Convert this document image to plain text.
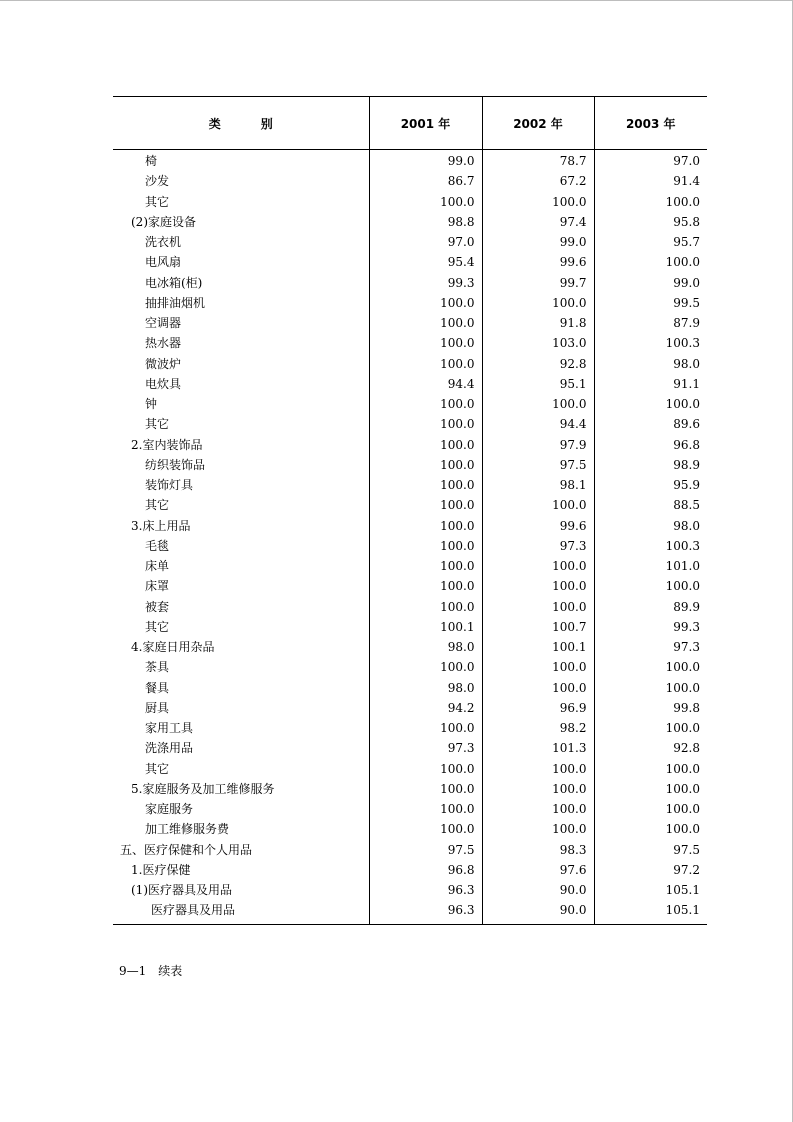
类 别	2001 年	2002 年	2003 年
椅	99.0	78.7	97.0
沙发	86.7	67.2	91.4
其它	100.0	100.0	100.0
(2)家庭设备	98.8	97.4	95.8
洗衣机	97.0	99.0	95.7
电风扇	95.4	99.6	100.0
电冰箱(柜)	99.3	99.7	99.0
抽排油烟机	100.0	100.0	99.5
空调器	100.0	91.8	87.9
热水器	100.0	103.0	100.3
微波炉	100.0	92.8	98.0
电炊具	94.4	95.1	91.1
钟	100.0	100.0	100.0
其它	100.0	94.4	89.6
2.室内装饰品	100.0	97.9	96.8
纺织装饰品	100.0	97.5	98.9
装饰灯具	100.0	98.1	95.9
其它	100.0	100.0	88.5
3.床上用品	100.0	99.6	98.0
毛毯	100.0	97.3	100.3
床单	100.0	100.0	101.0
床罩	100.0	100.0	100.0
被套	100.0	100.0	89.9
其它	100.1	100.7	99.3
4.家庭日用杂品	98.0	100.1	97.3
茶具	100.0	100.0	100.0
餐具	98.0	100.0	100.0
厨具	94.2	96.9	99.8
家用工具	100.0	98.2	100.0
洗涤用品	97.3	101.3	92.8
其它	100.0	100.0	100.0
5.家庭服务及加工维修服务	100.0	100.0	100.0
家庭服务	100.0	100.0	100.0
加工维修服务费	100.0	100.0	100.0
五、医疗保健和个人用品	97.5	98.3	97.5
1.医疗保健	96.8	97.6	97.2
(1)医疗器具及用品	96.3	90.0	105.1
医疗器具及用品	96.3	90.0	105.1
9—1　续表
